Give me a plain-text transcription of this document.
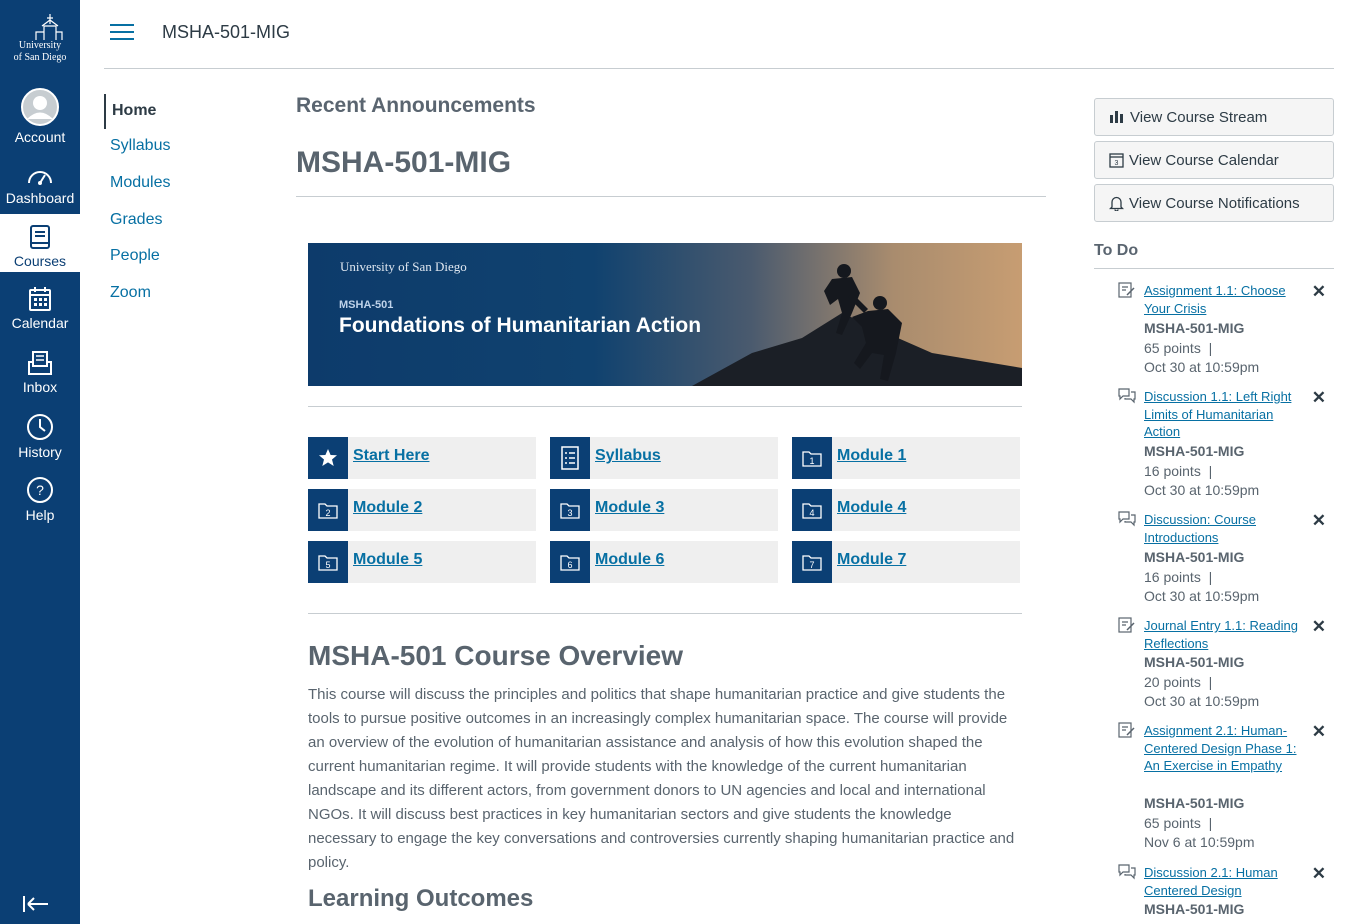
University
of San Diego
Account
Dashboard
Courses
Calendar
Inbox
History
?
Help
MSHA-501-MIG
Home
Syllabus
Modules
Grades
People
Zoom
Recent Announcements
MSHA-501-MIG
University of San Diego
MSHA-501
Foundations of Humanitarian Action
Start Here	Syllabus	1 Module 1
2 Module 2	3 Module 3	4 Module 4
5 Module 5	6 Module 6	7 Module 7
MSHA-501 Course Overview

This course will discuss the principles and politics that shape humanitarian practice and give students the tools to pursue positive outcomes in an increasingly complex humanitarian space. The course will provide an overview of the evolution of humanitarian assistance and analysis of how this evolution shaped the current humanitarian regime. It will provide students with the knowledge of the current humanitarian landscape and its different actors, from government donors to UN agencies and local and international NGOs. It will discuss best practices in key humanitarian sectors and give students the knowledge necessary to engage the key conversations and controversies currently shaping humanitarian practice and policy.

Learning Outcomes
View Course Stream
3 View Course Calendar
View Course Notifications
To Do
Assignment 1.1: Choose Your Crisis
✕
MSHA-501-MIG
65 points |
Oct 30 at 10:59pm
Discussion 1.1: Left Right Limits of Humanitarian Action
✕
MSHA-501-MIG
16 points |
Oct 30 at 10:59pm
Discussion: Course Introductions
✕
MSHA-501-MIG
16 points |
Oct 30 at 10:59pm
Journal Entry 1.1: Reading Reflections
✕
MSHA-501-MIG
20 points |
Oct 30 at 10:59pm
Assignment 2.1: Human-Centered Design Phase 1: An Exercise in Empathy
✕
MSHA-501-MIG
65 points |
Nov 6 at 10:59pm
Discussion 2.1: Human Centered Design
✕
MSHA-501-MIG
